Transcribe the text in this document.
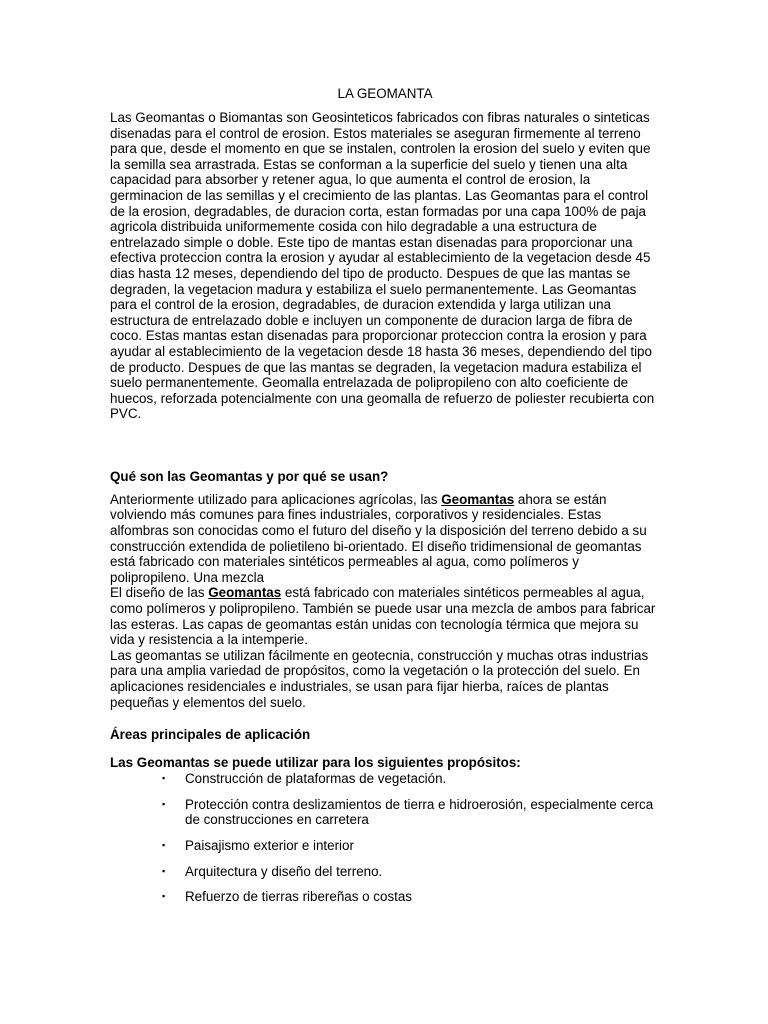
LA GEOMANTA

Las Geomantas o Biomantas son Geosinteticos fabricados con fibras naturales o sinteticas disenadas para el control de erosion. Estos materiales se aseguran firmemente al terreno para que, desde el momento en que se instalen, controlen la erosion del suelo y eviten que la semilla sea arrastrada. Estas se conforman a la superficie del suelo y tienen una alta capacidad para absorber y retener agua, lo que aumenta el control de erosion, la germinacion de las semillas y el crecimiento de las plantas. Las Geomantas para el control de la erosion, degradables, de duracion corta, estan formadas por una capa 100% de paja agricola distribuida uniformemente cosida con hilo degradable a una estructura de entrelazado simple o doble. Este tipo de mantas estan disenadas para proporcionar una efectiva proteccion contra la erosion y ayudar al establecimiento de la vegetacion desde 45 dias hasta 12 meses, dependiendo del tipo de producto. Despues de que las mantas se degraden, la vegetacion madura y estabiliza el suelo permanentemente. Las Geomantas para el control de la erosion, degradables, de duracion extendida y larga utilizan una estructura de entrelazado doble e incluyen un componente de duracion larga de fibra de coco. Estas mantas estan disenadas para proporcionar proteccion contra la erosion y para ayudar al establecimiento de la vegetacion desde 18 hasta 36 meses, dependiendo del tipo de producto. Despues de que las mantas se degraden, la vegetacion madura estabiliza el suelo permanentemente. Geomalla entrelazada de polipropileno con alto coeficiente de huecos, reforzada potencialmente con una geomalla de refuerzo de poliester recubierta con PVC.

Qué son las Geomantas y por qué se usan?

Anteriormente utilizado para aplicaciones agrícolas, las Geomantas ahora se están volviendo más comunes para fines industriales, corporativos y residenciales. Estas alfombras son conocidas como el futuro del diseño y la disposición del terreno debido a su construcción extendida de polietileno bi-orientado. El diseño tridimensional de geomantas está fabricado con materiales sintéticos permeables al agua, como polímeros y polipropileno. Una mezcla

El diseño de las Geomantas está fabricado con materiales sintéticos permeables al agua, como polímeros y polipropileno. También se puede usar una mezcla de ambos para fabricar las esteras. Las capas de geomantas están unidas con tecnología térmica que mejora su vida y resistencia a la intemperie.

Las geomantas se utilizan fácilmente en geotecnia, construcción y muchas otras industrias para una amplia variedad de propósitos, como la vegetación o la protección del suelo. En aplicaciones residenciales e industriales, se usan para fijar hierba, raíces de plantas pequeñas y elementos del suelo.

Áreas principales de aplicación
Las Geomantas se puede utilizar para los siguientes propósitos:
▪ Construcción de plataformas de vegetación.
▪ Protección contra deslizamientos de tierra e hidroerosión, especialmente cerca de construcciones en carretera
▪ Paisajismo exterior e interior
▪ Arquitectura y diseño del terreno.
▪ Refuerzo de tierras ribereñas o costas
